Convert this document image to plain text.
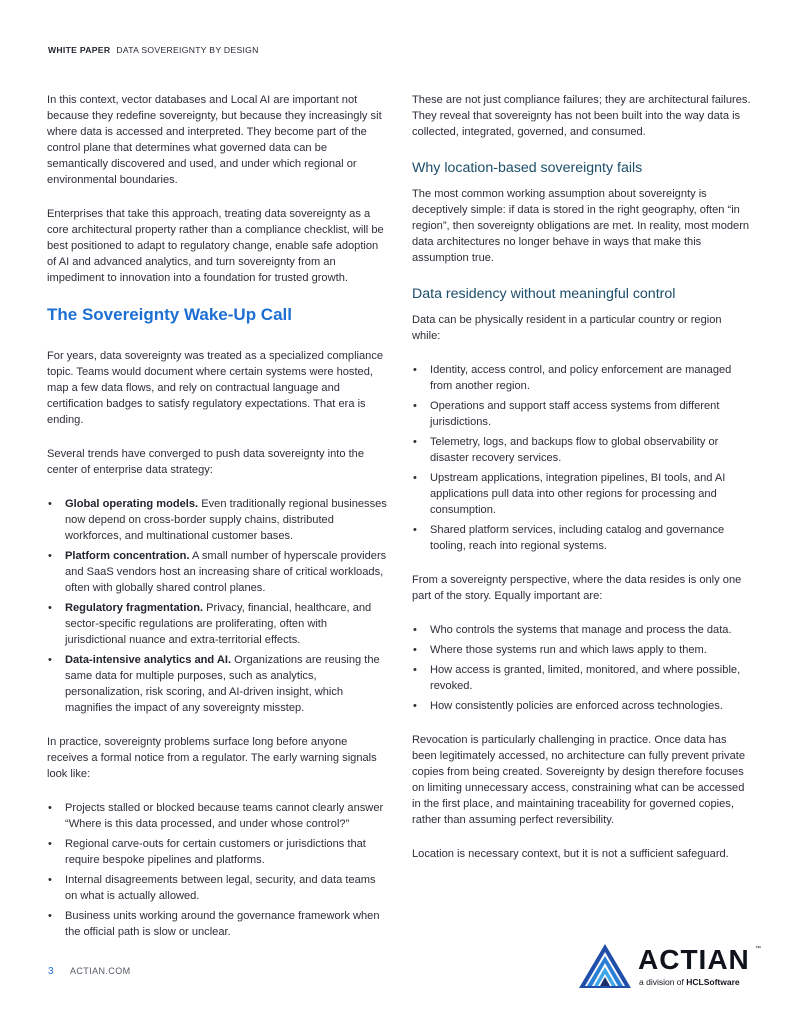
WHITE PAPER DATA SOVEREIGNTY BY DESIGN

In this context, vector databases and Local AI are important not because they redefine sovereignty, but because they increasingly sit where data is accessed and interpreted. They become part of the control plane that determines what governed data can be semantically discovered and used, and under which regional or environmental boundaries.

Enterprises that take this approach, treating data sovereignty as a core architectural property rather than a compliance checklist, will be best positioned to adapt to regulatory change, enable safe adoption of AI and advanced analytics, and turn sovereignty from an impediment to innovation into a foundation for trusted growth.

The Sovereignty Wake-Up Call

For years, data sovereignty was treated as a specialized compliance topic. Teams would document where certain systems were hosted, map a few data flows, and rely on contractual language and certification badges to satisfy regulatory expectations. That era is ending.

Several trends have converged to push data sovereignty into the center of enterprise data strategy:

• Global operating models. Even traditionally regional businesses now depend on cross-border supply chains, distributed workforces, and multinational customer bases.
• Platform concentration. A small number of hyperscale providers and SaaS vendors host an increasing share of critical workloads, often with globally shared control planes.
• Regulatory fragmentation. Privacy, financial, healthcare, and sector-specific regulations are proliferating, often with jurisdictional nuance and extra-territorial effects.
• Data-intensive analytics and AI. Organizations are reusing the same data for multiple purposes, such as analytics, personalization, risk scoring, and AI-driven insight, which magnifies the impact of any sovereignty misstep.

In practice, sovereignty problems surface long before anyone receives a formal notice from a regulator. The early warning signals look like:

• Projects stalled or blocked because teams cannot clearly answer “Where is this data processed, and under whose control?”
• Regional carve-outs for certain customers or jurisdictions that require bespoke pipelines and platforms.
• Internal disagreements between legal, security, and data teams on what is actually allowed.
• Business units working around the governance framework when the official path is slow or unclear.

These are not just compliance failures; they are architectural failures. They reveal that sovereignty has not been built into the way data is collected, integrated, governed, and consumed.

Why location-based sovereignty fails

The most common working assumption about sovereignty is deceptively simple: if data is stored in the right geography, often “in region”, then sovereignty obligations are met. In reality, most modern data architectures no longer behave in ways that make this assumption true.

Data residency without meaningful control

Data can be physically resident in a particular country or region while:

• Identity, access control, and policy enforcement are managed from another region.
• Operations and support staff access systems from different jurisdictions.
• Telemetry, logs, and backups flow to global observability or disaster recovery services.
• Upstream applications, integration pipelines, BI tools, and AI applications pull data into other regions for processing and consumption.
• Shared platform services, including catalog and governance tooling, reach into regional systems.

From a sovereignty perspective, where the data resides is only one part of the story. Equally important are:

• Who controls the systems that manage and process the data.
• Where those systems run and which laws apply to them.
• How access is granted, limited, monitored, and where possible, revoked.
• How consistently policies are enforced across technologies.

Revocation is particularly challenging in practice. Once data has been legitimately accessed, no architecture can fully prevent private copies from being created. Sovereignty by design therefore focuses on limiting unnecessary access, constraining what can be accessed in the first place, and maintaining traceability for governed copies, rather than assuming perfect reversibility.

Location is necessary context, but it is not a sufficient safeguard.

3 ACTIAN.COM	ACTIAN ™
a division of HCLSoftware
